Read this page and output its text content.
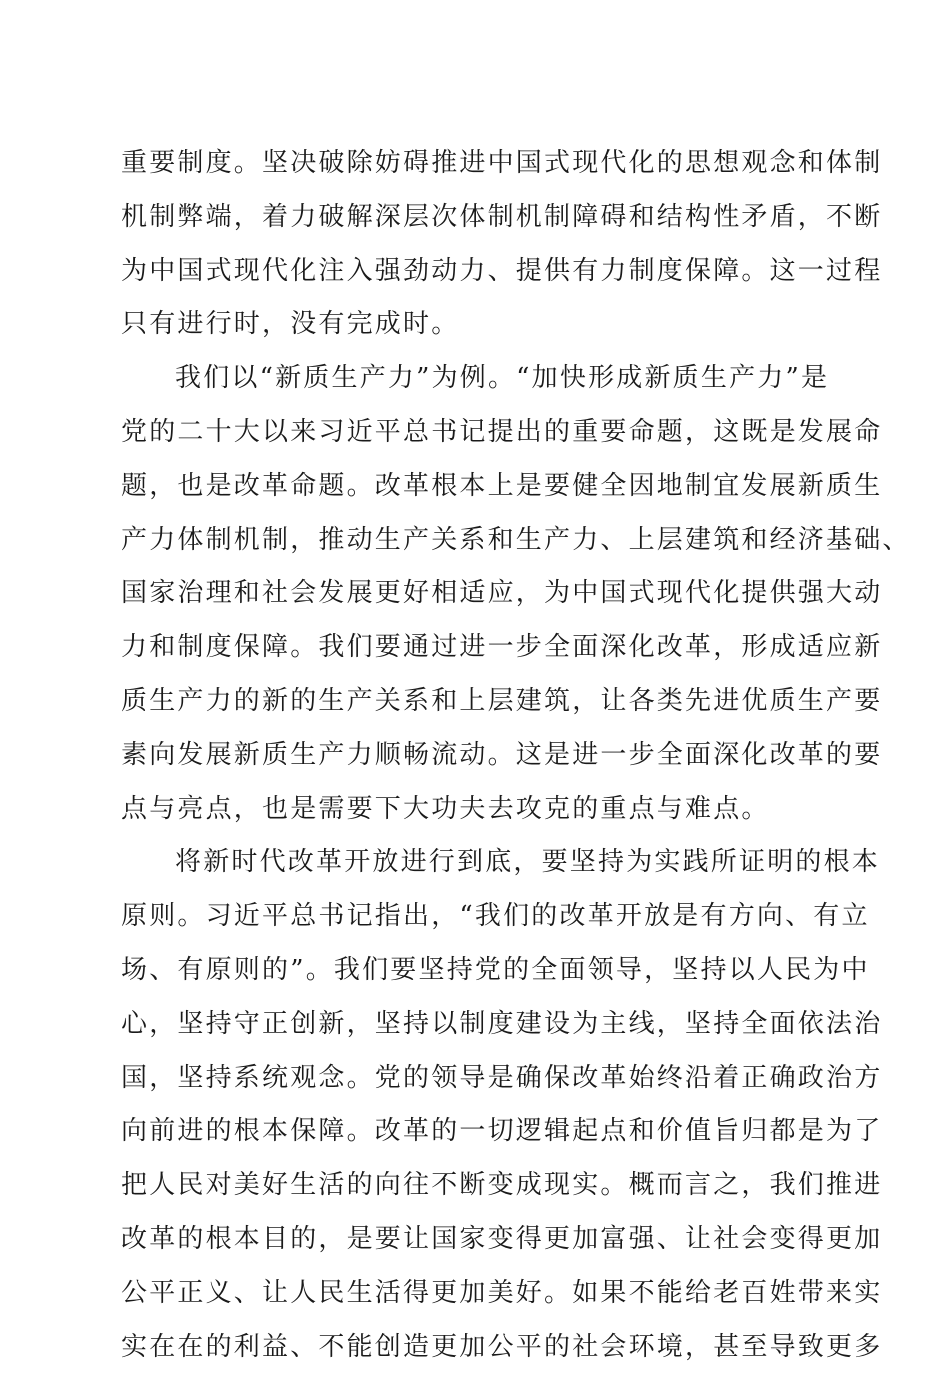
重要制度。坚决破除妨碍推进中国式现代化的思想观念和体制
机制弊端，着力破解深层次体制机制障碍和结构性矛盾，不断
为中国式现代化注入强劲动力、提供有力制度保障。这一过程
只有进行时，没有完成时。
我们以“新质生产力”为例。“加快形成新质生产力”是
党的二十大以来习近平总书记提出的重要命题，这既是发展命
题，也是改革命题。改革根本上是要健全因地制宜发展新质生
产力体制机制，推动生产关系和生产力、上层建筑和经济基础、
国家治理和社会发展更好相适应，为中国式现代化提供强大动
力和制度保障。我们要通过进一步全面深化改革，形成适应新
质生产力的新的生产关系和上层建筑，让各类先进优质生产要
素向发展新质生产力顺畅流动。这是进一步全面深化改革的要
点与亮点，也是需要下大功夫去攻克的重点与难点。
将新时代改革开放进行到底，要坚持为实践所证明的根本
原则。习近平总书记指出，“我们的改革开放是有方向、有立
场、有原则的”。我们要坚持党的全面领导，坚持以人民为中
心，坚持守正创新，坚持以制度建设为主线，坚持全面依法治
国，坚持系统观念。党的领导是确保改革始终沿着正确政治方
向前进的根本保障。改革的一切逻辑起点和价值旨归都是为了
把人民对美好生活的向往不断变成现实。概而言之，我们推进
改革的根本目的，是要让国家变得更加富强、让社会变得更加
公平正义、让人民生活得更加美好。如果不能给老百姓带来实
实在在的利益、不能创造更加公平的社会环境，甚至导致更多
